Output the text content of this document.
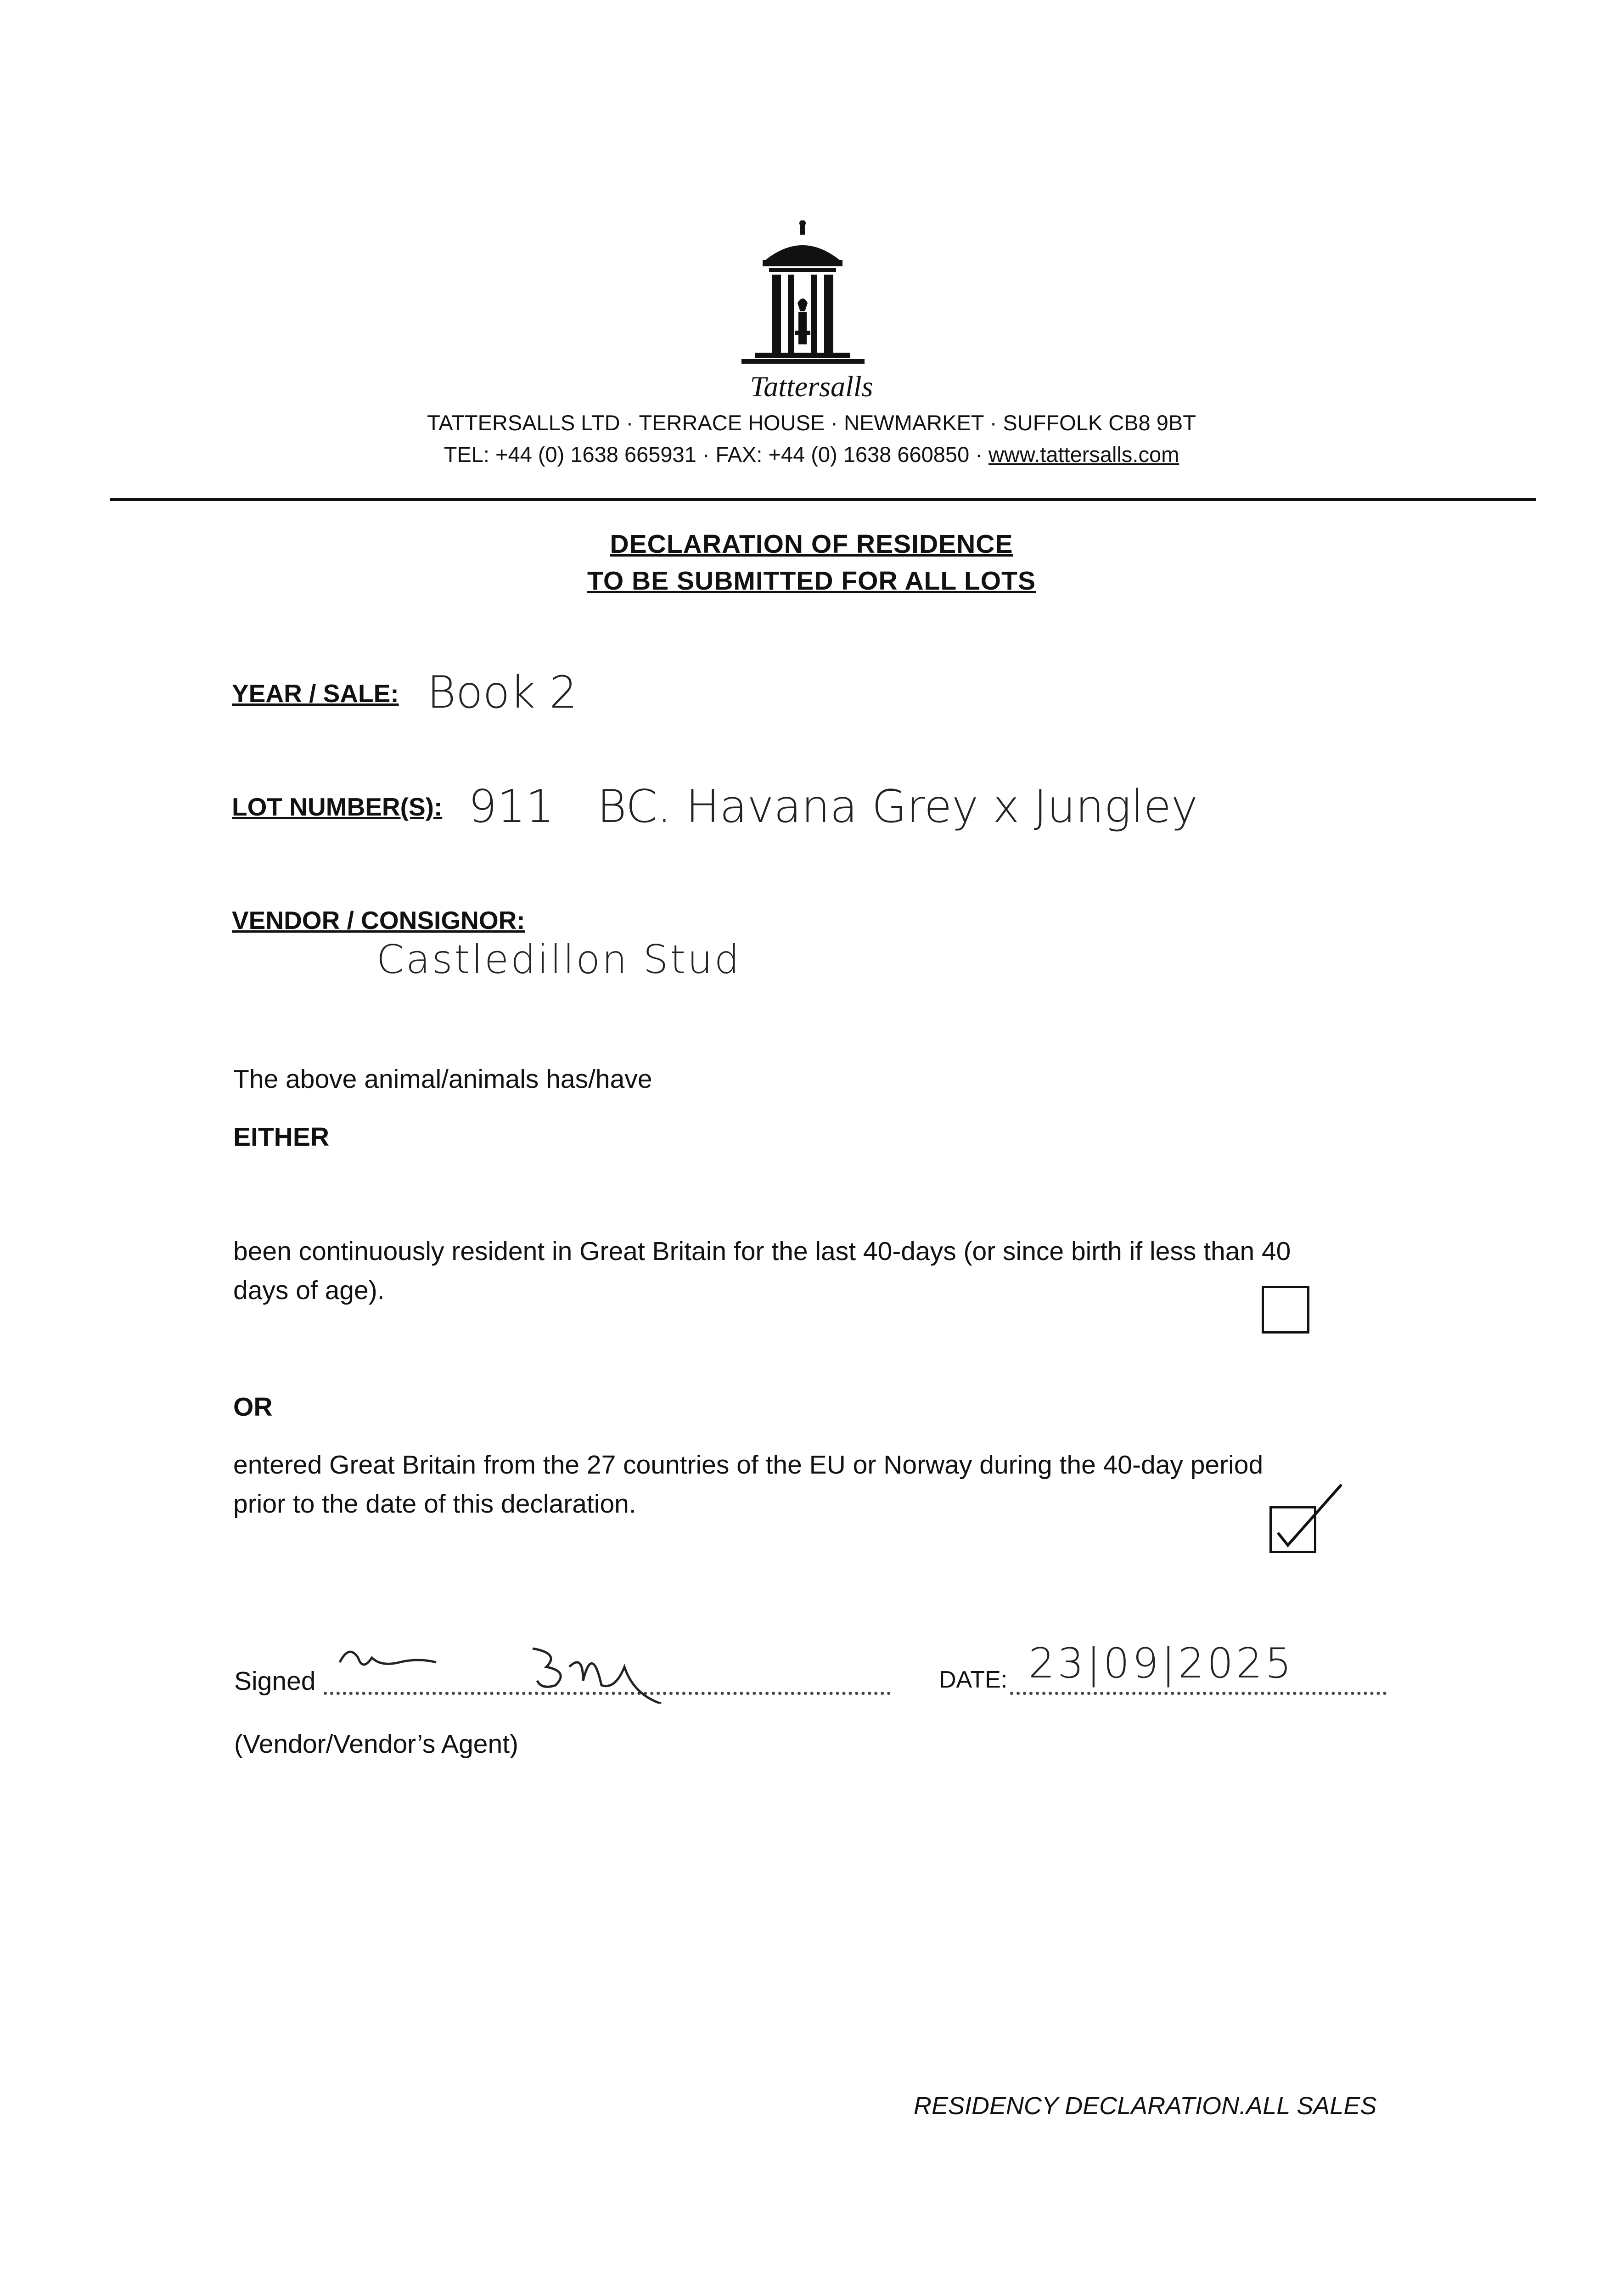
Tattersalls
TATTERSALLS LTD · TERRACE HOUSE · NEWMARKET · SUFFOLK CB8 9BT
TEL: +44 (0) 1638 665931 · FAX: +44 (0) 1638 660850 · www.tattersalls.com
DECLARATION OF RESIDENCE
TO BE SUBMITTED FOR ALL LOTS
YEAR / SALE: Book 2
LOT NUMBER(S): 911   BC. Havana Grey x Jungley
VENDOR / CONSIGNOR:
Castledillon Stud
The above animal/animals has/have
EITHER
been continuously resident in Great Britain for the last 40-days (or since birth if less than 40
days of age).
OR
entered Great Britain from the 27 countries of the EU or Norway during the 40-day period
prior to the date of this declaration.
Signed	DATE: 23|09|2025
(Vendor/Vendor’s Agent)
RESIDENCY DECLARATION.ALL SALES
